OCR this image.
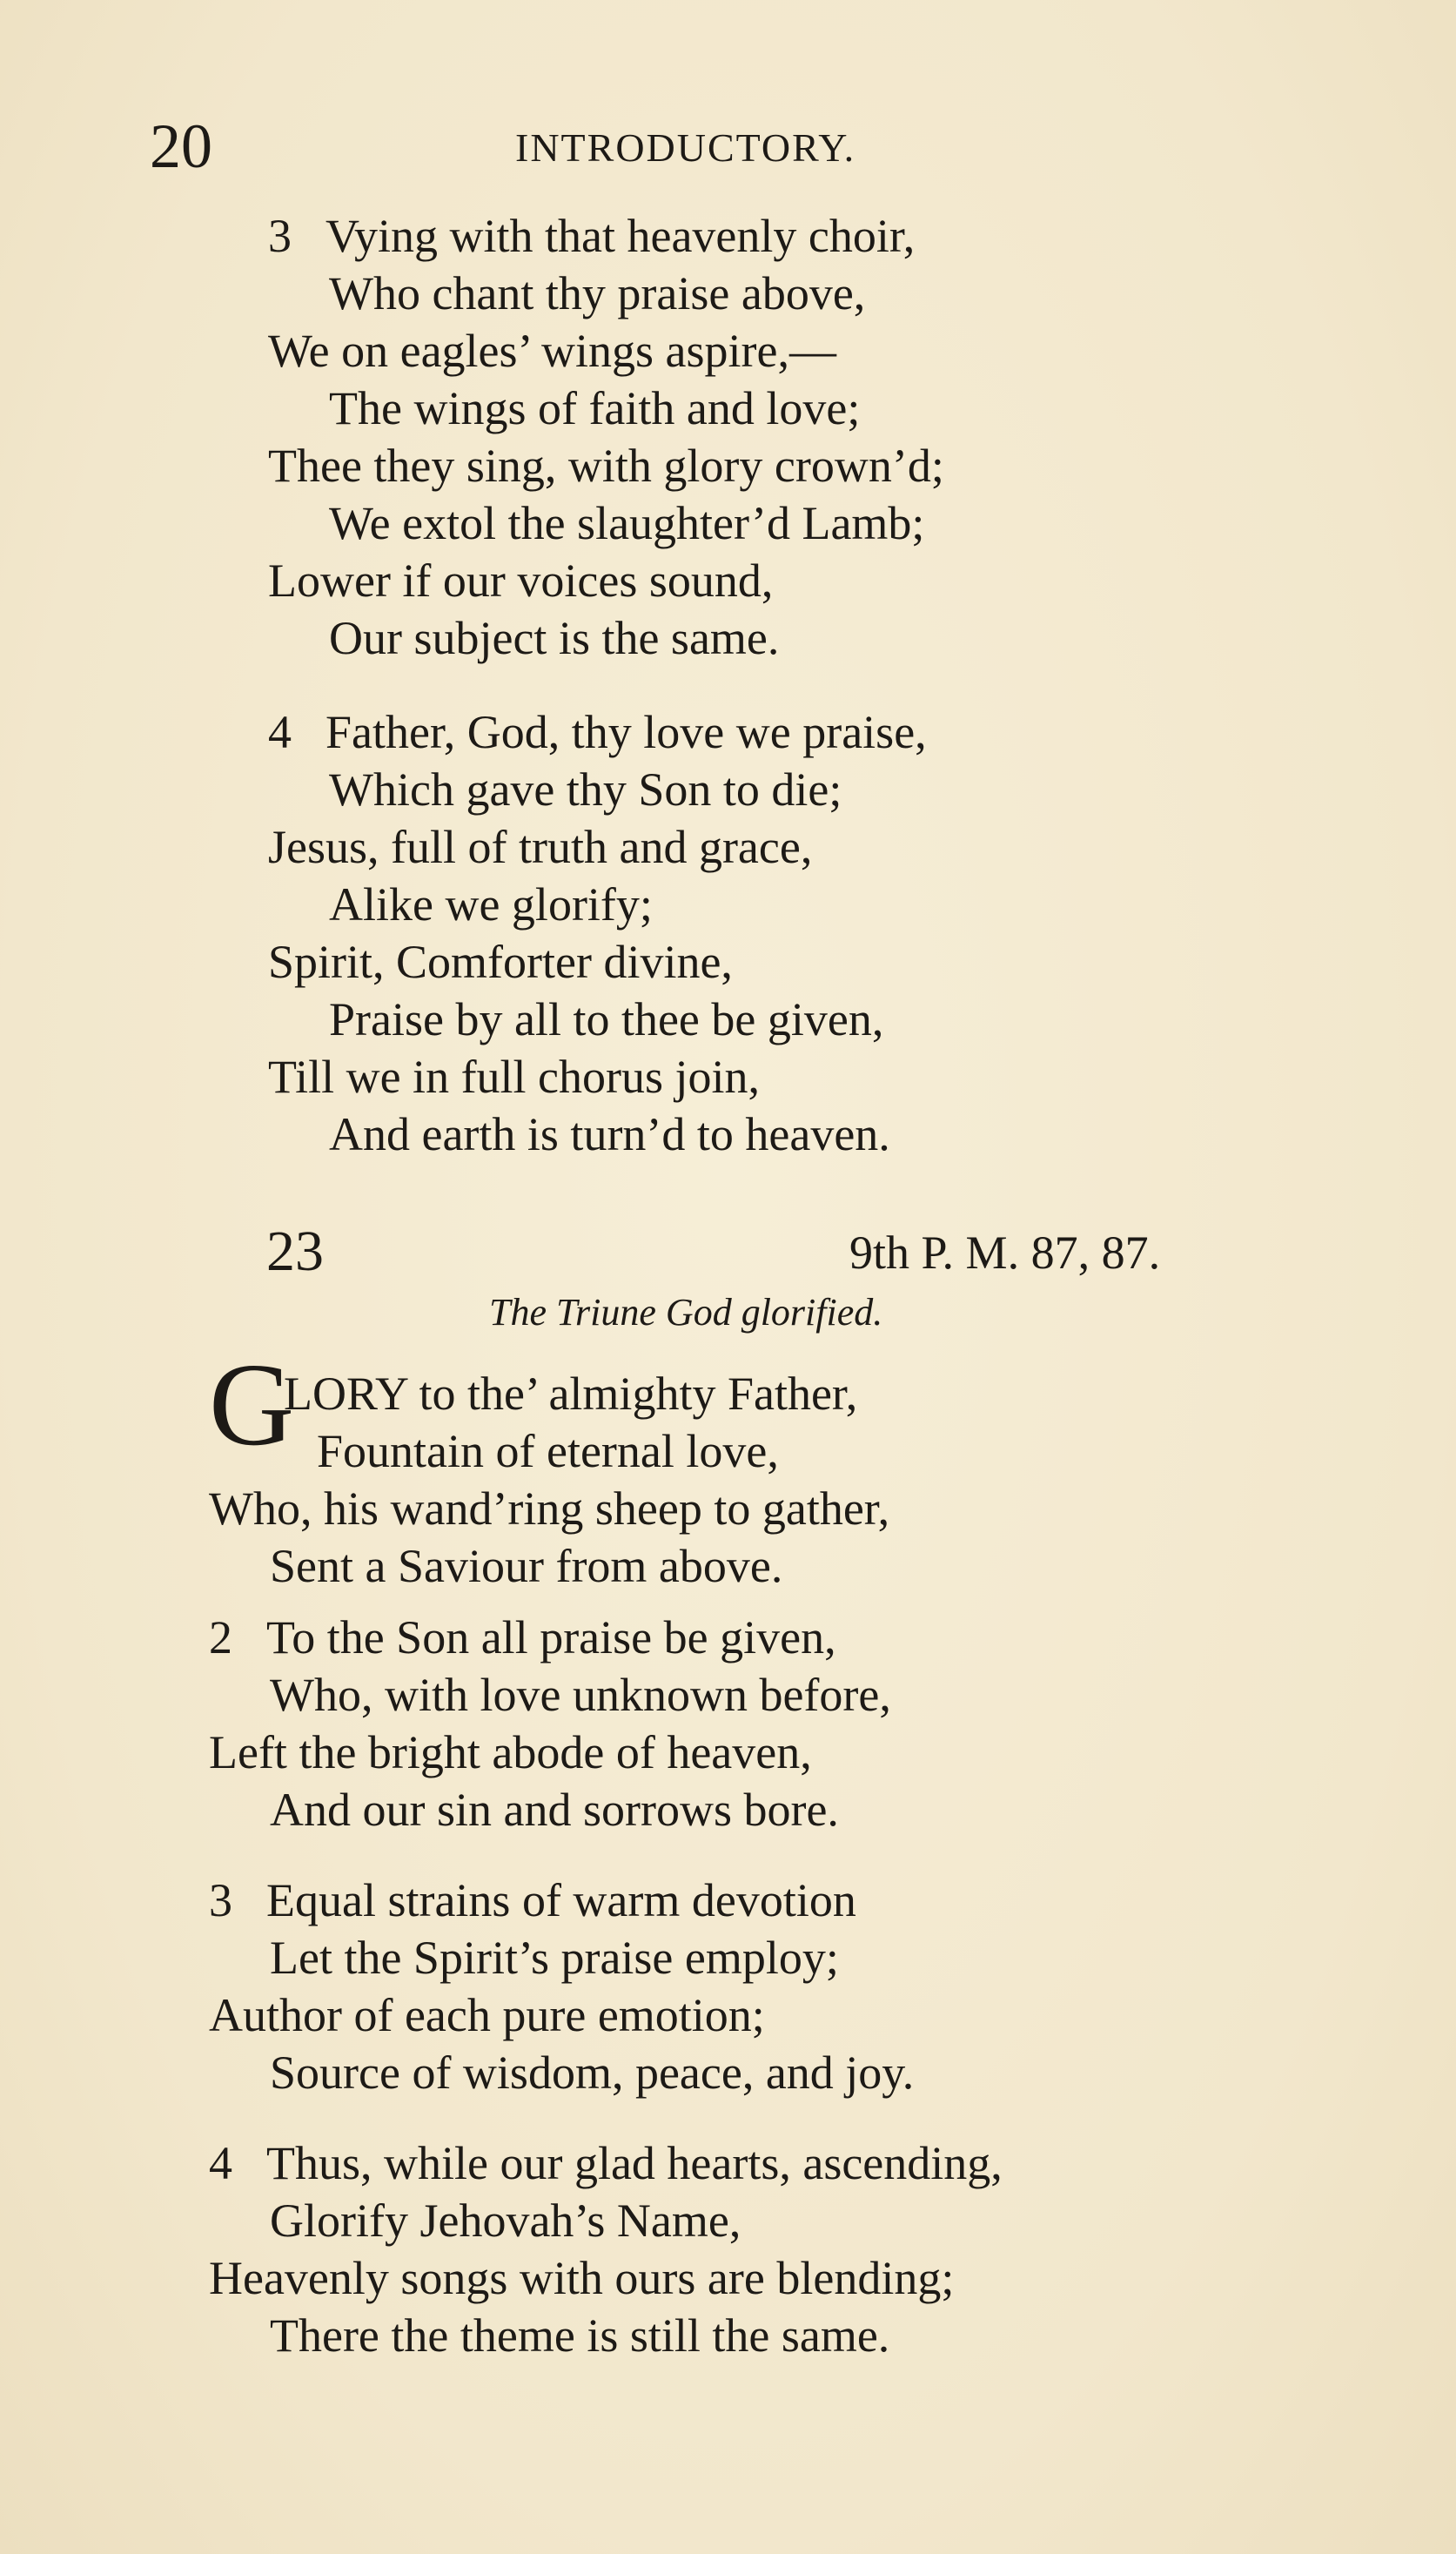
20	INTRODUCTORY.
3 Vying with that heavenly choir,
Who chant thy praise above,
We on eagles’ wings aspire,—
The wings of faith and love;
Thee they sing, with glory crown’d;
We extol the slaughter’d Lamb;
Lower if our voices sound,
Our subject is the same.
4 Father, God, thy love we praise,
Which gave thy Son to die;
Jesus, full of truth and grace,
Alike we glorify;
Spirit, Comforter divine,
Praise by all to thee be given,
Till we in full chorus join,
And earth is turn’d to heaven.
23	9th P. M. 87, 87.
The Triune God glorified.
G
LORY to the’ almighty Father,
Fountain of eternal love,
Who, his wand’ring sheep to gather,
Sent a Saviour from above.
2 To the Son all praise be given,
Who, with love unknown before,
Left the bright abode of heaven,
And our sin and sorrows bore.
3 Equal strains of warm devotion
Let the Spirit’s praise employ;
Author of each pure emotion;
Source of wisdom, peace, and joy.
4 Thus, while our glad hearts, ascending,
Glorify Jehovah’s Name,
Heavenly songs with ours are blending;
There the theme is still the same.
